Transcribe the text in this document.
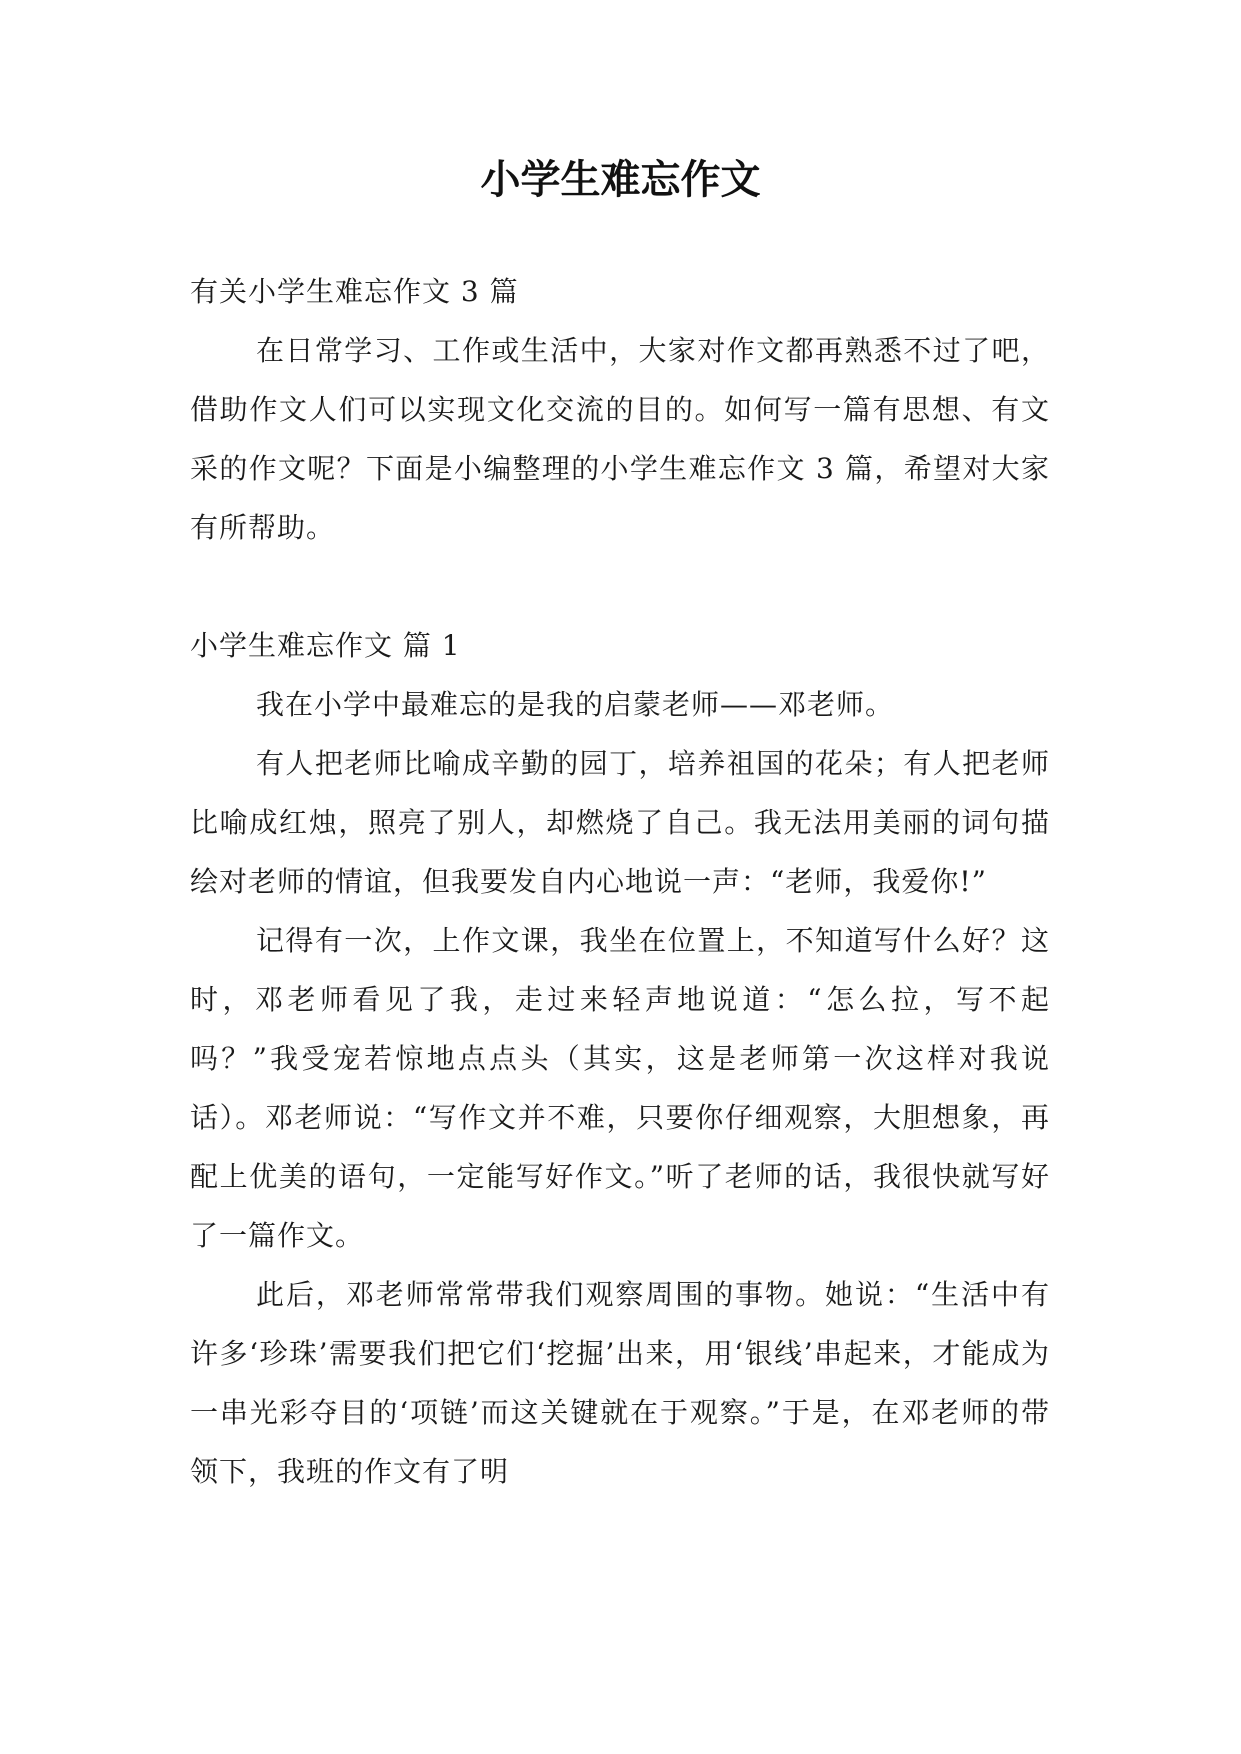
小学生难忘作文

有关小学生难忘作文 3 篇

在日常学习、工作或生活中，大家对作文都再熟悉不过了吧，借助作文人们可以实现文化交流的目的。如何写一篇有思想、有文采的作文呢？下面是小编整理的小学生难忘作文 3 篇，希望对大家有所帮助。

小学生难忘作文 篇 1

我在小学中最难忘的是我的启蒙老师——邓老师。

有人把老师比喻成辛勤的园丁，培养祖国的花朵；有人把老师比喻成红烛，照亮了别人，却燃烧了自己。我无法用美丽的词句描绘对老师的情谊，但我要发自内心地说一声：“老师，我爱你!”

记得有一次，上作文课，我坐在位置上，不知道写什么好？这时，邓老师看见了我，走过来轻声地说道：“怎么拉，写不起吗？”我受宠若惊地点点头（其实，这是老师第一次这样对我说话）。邓老师说：“写作文并不难，只要你仔细观察，大胆想象，再配上优美的语句，一定能写好作文。”听了老师的话，我很快就写好了一篇作文。

此后，邓老师常常带我们观察周围的事物。她说：“生活中有许多‘珍珠’需要我们把它们‘挖掘’出来，用‘银线’串起来，才能成为一串光彩夺目的‘项链’而这关键就在于观察。”于是，在邓老师的带领下，我班的作文有了明
